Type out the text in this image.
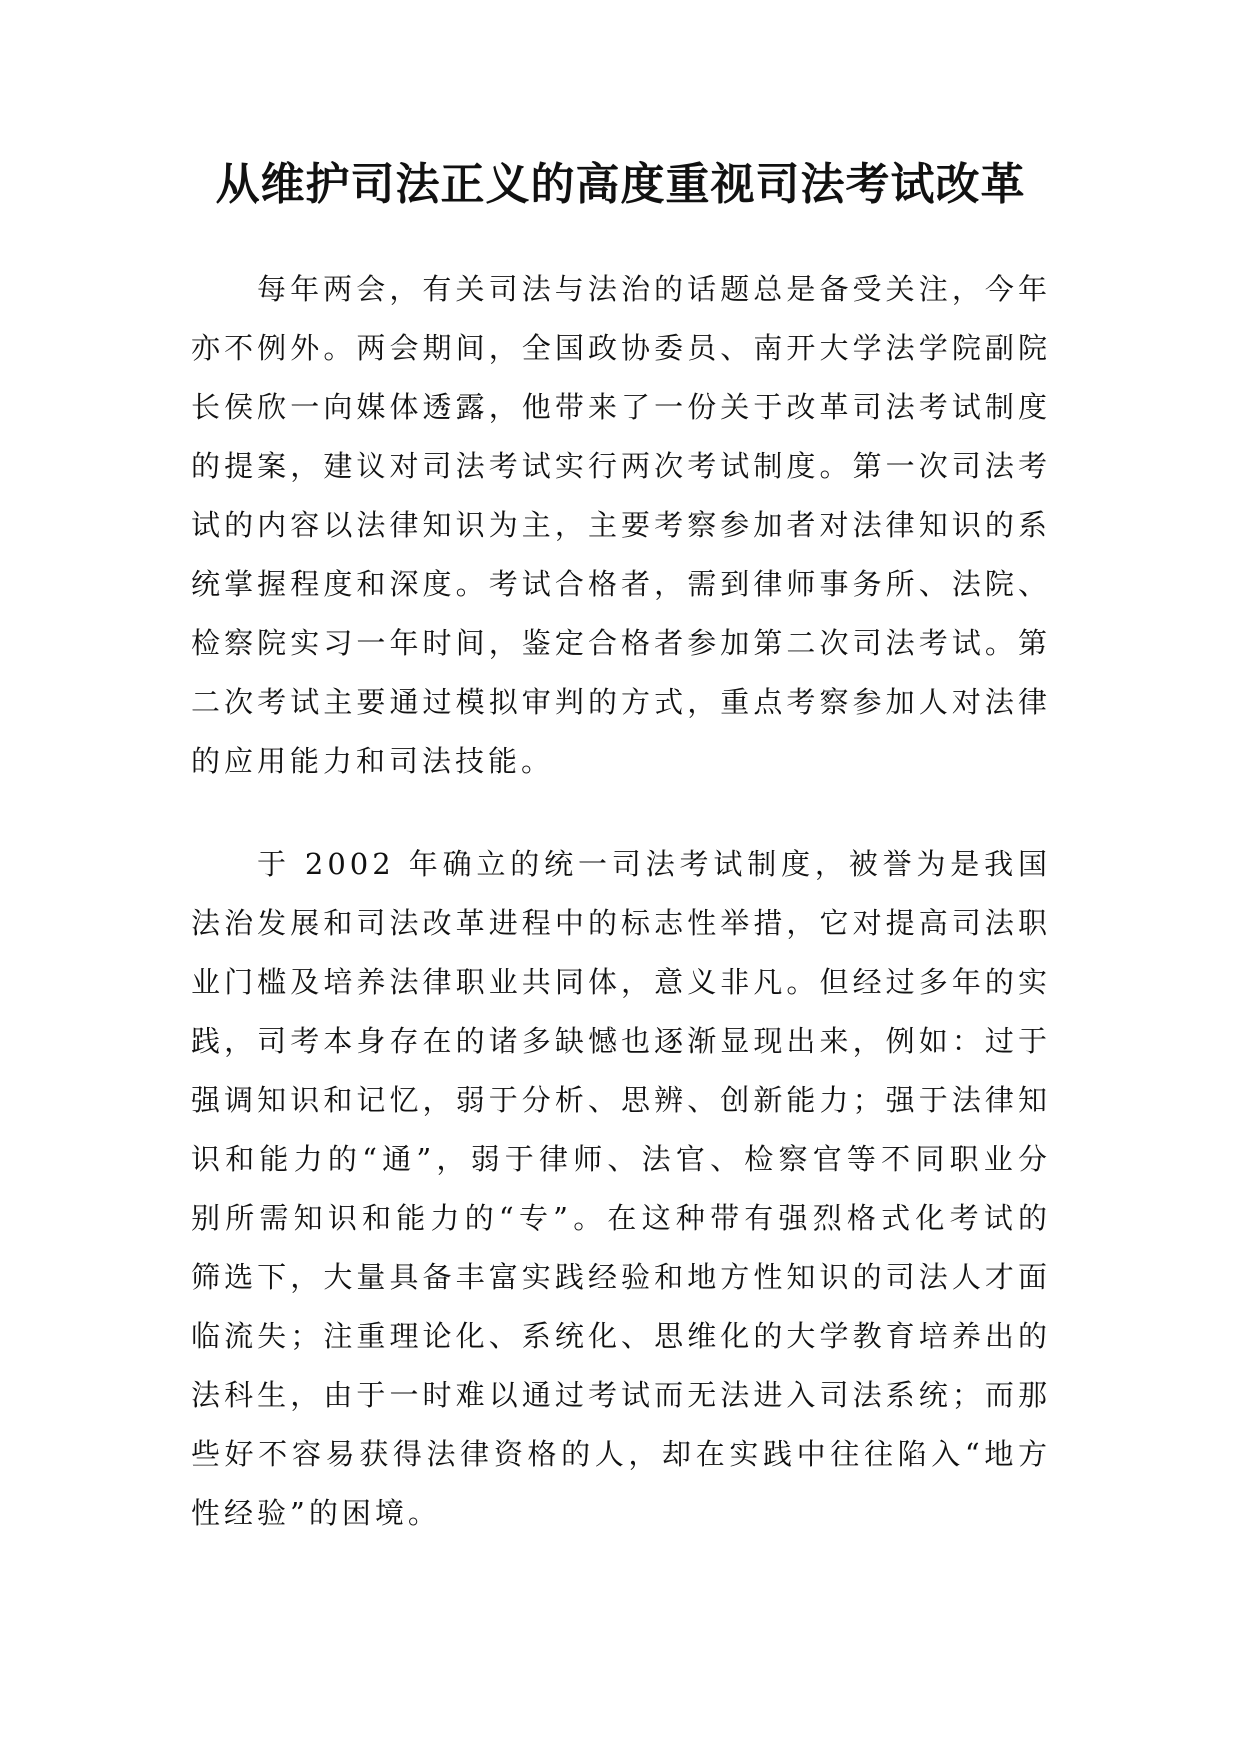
从维护司法正义的高度重视司法考试改革

每年两会，有关司法与法治的话题总是备受关注，今年亦不例外。两会期间，全国政协委员、南开大学法学院副院长侯欣一向媒体透露，他带来了一份关于改革司法考试制度的提案，建议对司法考试实行两次考试制度。第一次司法考试的内容以法律知识为主，主要考察参加者对法律知识的系统掌握程度和深度。考试合格者，需到律师事务所、法院、检察院实习一年时间，鉴定合格者参加第二次司法考试。第二次考试主要通过模拟审判的方式，重点考察参加人对法律的应用能力和司法技能。

于 2002 年确立的统一司法考试制度，被誉为是我国法治发展和司法改革进程中的标志性举措，它对提高司法职业门槛及培养法律职业共同体，意义非凡。但经过多年的实践，司考本身存在的诸多缺憾也逐渐显现出来，例如：过于强调知识和记忆，弱于分析、思辨、创新能力；强于法律知识和能力的“通”，弱于律师、法官、检察官等不同职业分别所需知识和能力的“专”。在这种带有强烈格式化考试的筛选下，大量具备丰富实践经验和地方性知识的司法人才面临流失；注重理论化、系统化、思维化的大学教育培养出的法科生，由于一时难以通过考试而无法进入司法系统；而那些好不容易获得法律资格的人，却在实践中往往陷入“地方性经验”的困境。
